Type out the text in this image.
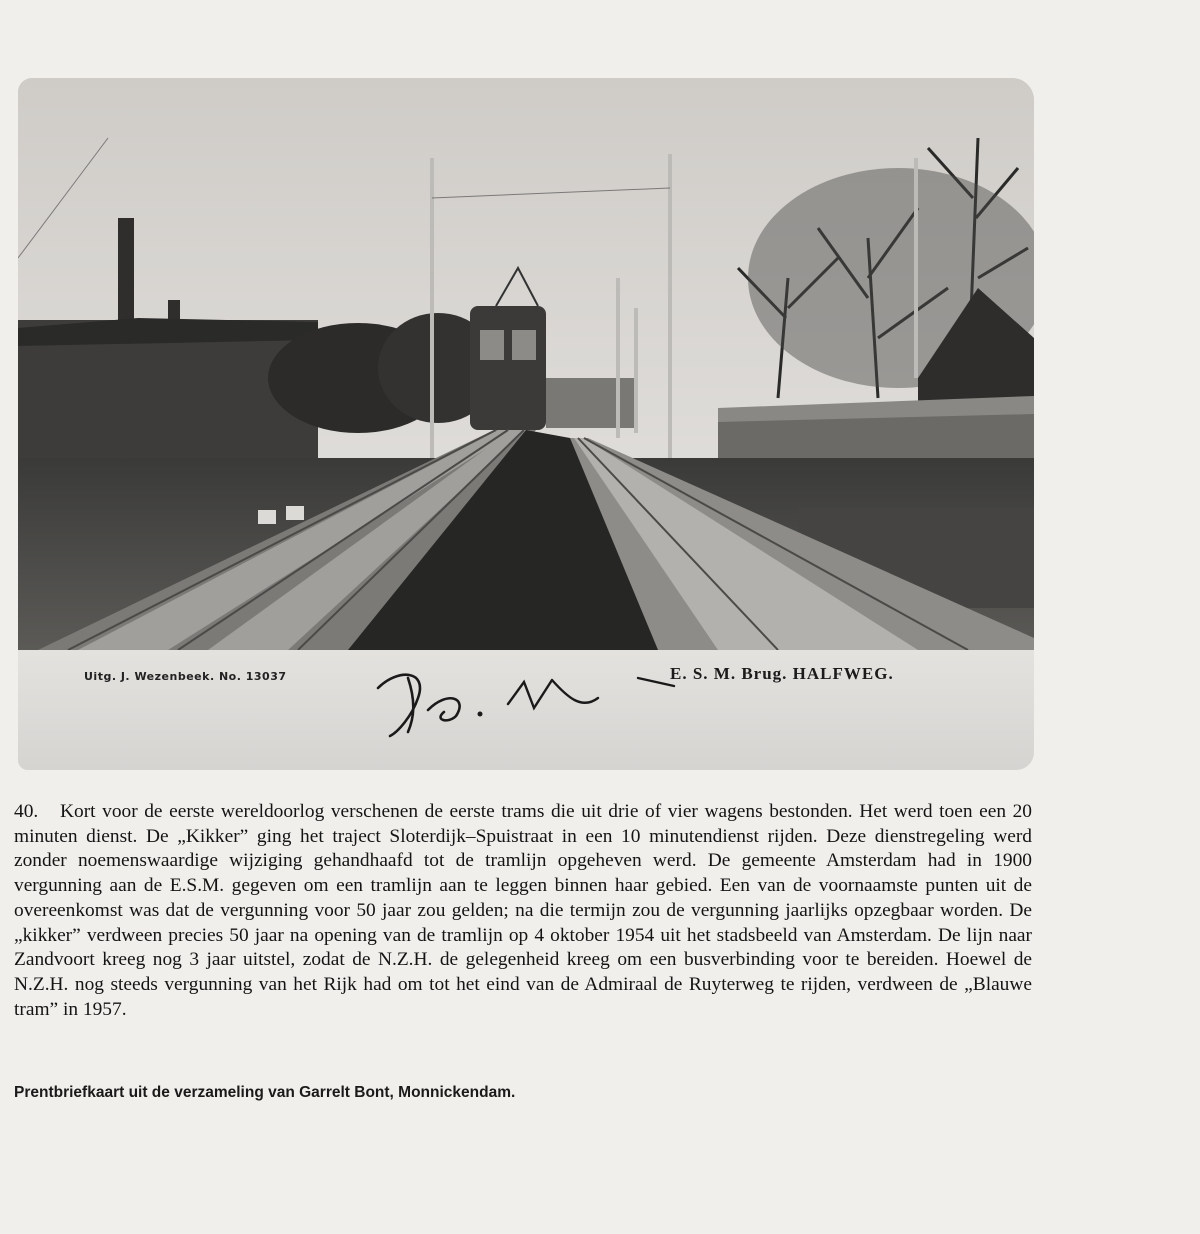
Uitg. J. Wezenbeek. No. 13037	E. S. M. Brug. HALFWEG.

40. Kort voor de eerste wereldoorlog verschenen de eerste trams die uit drie of vier wagens bestonden. Het werd toen een 20 minuten dienst. De „Kikker” ging het traject Sloterdijk–Spuistraat in een 10 minutendienst rijden. Deze dienstregeling werd zonder noemenswaardige wijziging gehandhaafd tot de tramlijn opgeheven werd. De gemeente Amsterdam had in 1900 vergunning aan de E.S.M. gegeven om een tramlijn aan te leggen binnen haar gebied. Een van de voornaamste punten uit de overeenkomst was dat de vergunning voor 50 jaar zou gelden; na die termijn zou de vergunning jaarlijks opzegbaar worden. De „kikker” verdween precies 50 jaar na opening van de tramlijn op 4 oktober 1954 uit het stadsbeeld van Amsterdam. De lijn naar Zandvoort kreeg nog 3 jaar uitstel, zodat de N.Z.H. de gelegenheid kreeg om een busverbinding voor te bereiden. Hoewel de N.Z.H. nog steeds vergunning van het Rijk had om tot het eind van de Admiraal de Ruyterweg te rijden, verdween de „Blauwe tram” in 1957.

Prentbriefkaart uit de verzameling van Garrelt Bont, Monnickendam.
